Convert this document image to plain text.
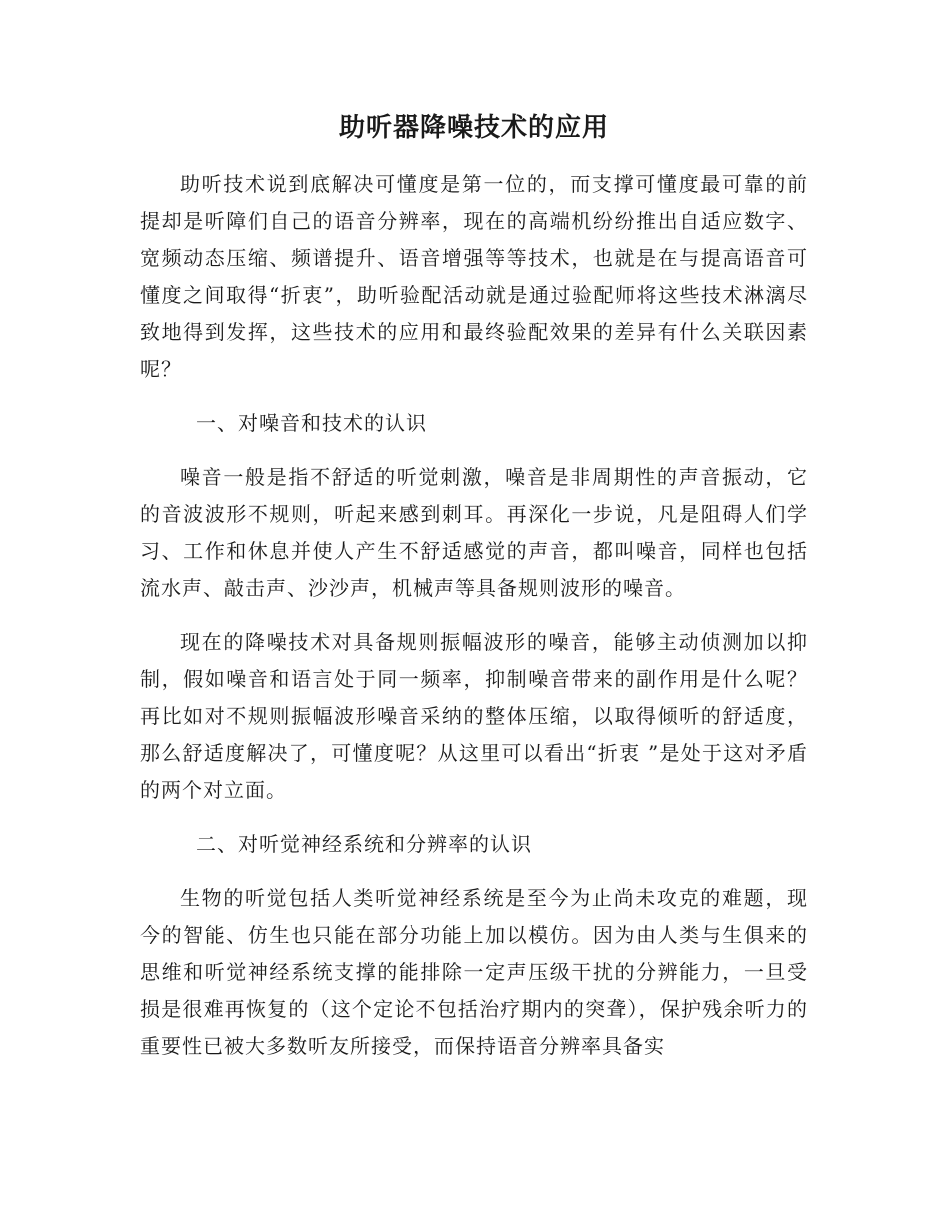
助听器降噪技术的应用

助听技术说到底解决可懂度是第一位的，而支撑可懂度最可靠的前提却是听障们自己的语音分辨率，现在的高端机纷纷推出自适应数字、宽频动态压缩、频谱提升、语音增强等等技术，也就是在与提高语音可懂度之间取得“折衷”，助听验配活动就是通过验配师将这些技术淋漓尽致地得到发挥，这些技术的应用和最终验配效果的差异有什么关联因素呢？

一、对噪音和技术的认识

噪音一般是指不舒适的听觉刺激，噪音是非周期性的声音振动，它的音波波形不规则，听起来感到刺耳。再深化一步说，凡是阻碍人们学习、工作和休息并使人产生不舒适感觉的声音，都叫噪音，同样也包括流水声、敲击声、沙沙声，机械声等具备规则波形的噪音。

现在的降噪技术对具备规则振幅波形的噪音，能够主动侦测加以抑制，假如噪音和语言处于同一频率，抑制噪音带来的副作用是什么呢？再比如对不规则振幅波形噪音采纳的整体压缩，以取得倾听的舒适度，那么舒适度解决了，可懂度呢？从这里可以看出“折衷 ”是处于这对矛盾的两个对立面。

二、对听觉神经系统和分辨率的认识

生物的听觉包括人类听觉神经系统是至今为止尚未攻克的难题，现今的智能、仿生也只能在部分功能上加以模仿。因为由人类与生俱来的思维和听觉神经系统支撑的能排除一定声压级干扰的分辨能力，一旦受损是很难再恢复的（这个定论不包括治疗期内的突聋），保护残余听力的重要性已被大多数听友所接受，而保持语音分辨率具备实
